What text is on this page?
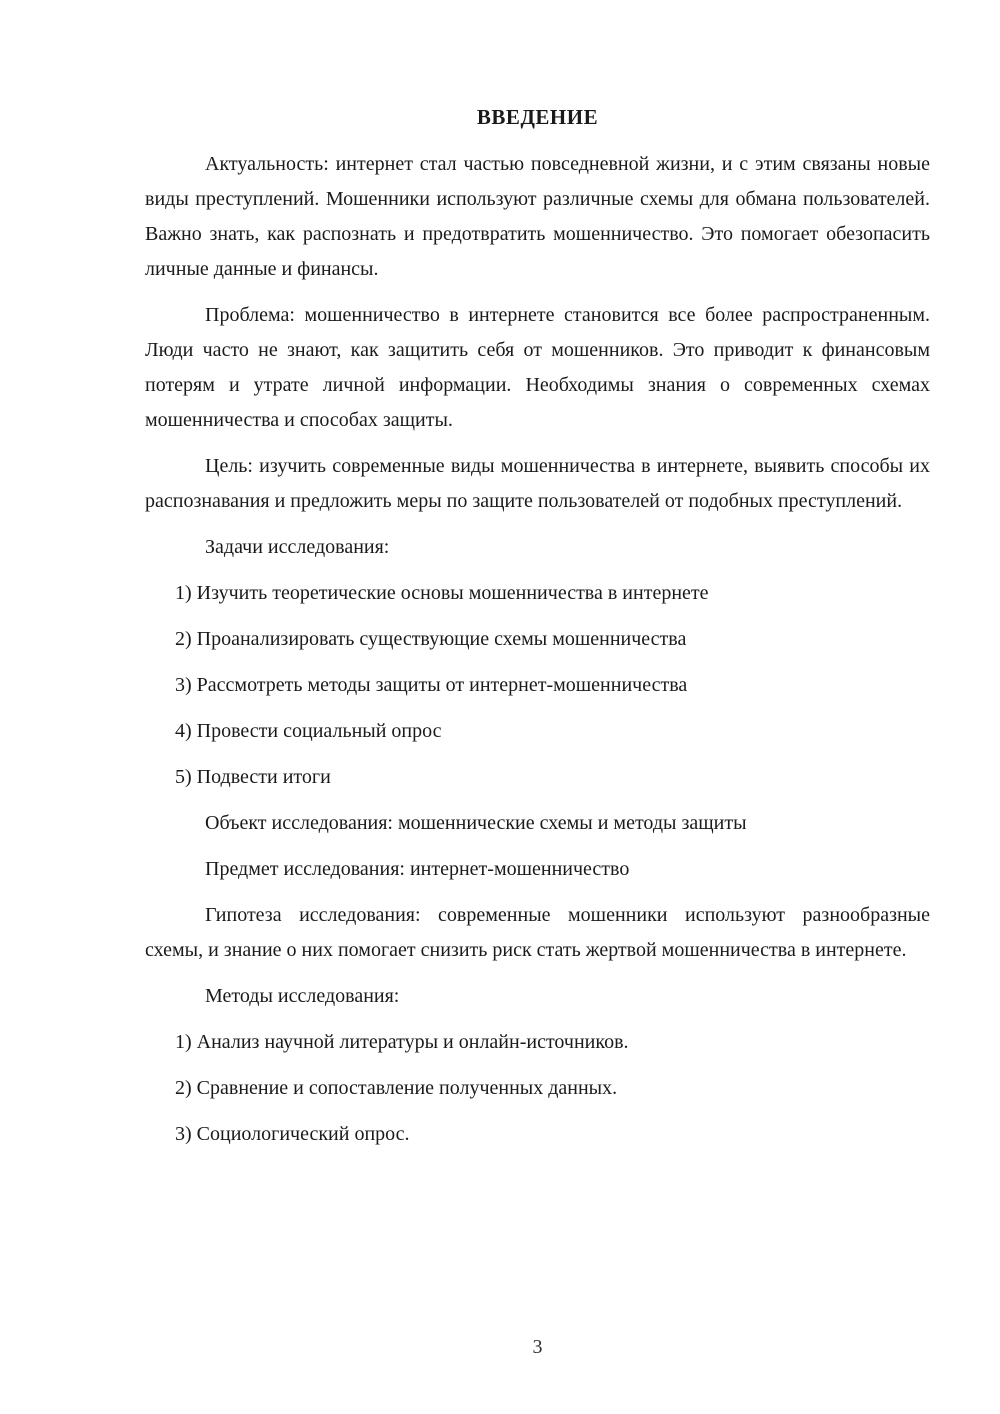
ВВЕДЕНИЕ

Актуальность: интернет стал частью повседневной жизни, и с этим связаны новые виды преступлений. Мошенники используют различные схемы для обмана пользователей. Важно знать, как распознать и предотвратить мошенничество. Это помогает обезопасить личные данные и финансы.

Проблема: мошенничество в интернете становится все более распространенным. Люди часто не знают, как защитить себя от мошенников. Это приводит к финансовым потерям и утрате личной информации. Необходимы знания о современных схемах мошенничества и способах защиты.

Цель: изучить современные виды мошенничества в интернете, выявить способы их распознавания и предложить меры по защите пользователей от подобных преступлений.

Задачи исследования:

1) Изучить теоретические основы мошенничества в интернете

2) Проанализировать существующие схемы мошенничества

3) Рассмотреть методы защиты от интернет-мошенничества

4) Провести социальный опрос

5) Подвести итоги

Объект исследования: мошеннические схемы и методы защиты

Предмет исследования: интернет-мошенничество

Гипотеза исследования: современные мошенники используют разнообразные схемы, и знание о них помогает снизить риск стать жертвой мошенничества в интернете.

Методы исследования:

1) Анализ научной литературы и онлайн-источников.

2) Сравнение и сопоставление полученных данных.

3) Социологический опрос.

3
